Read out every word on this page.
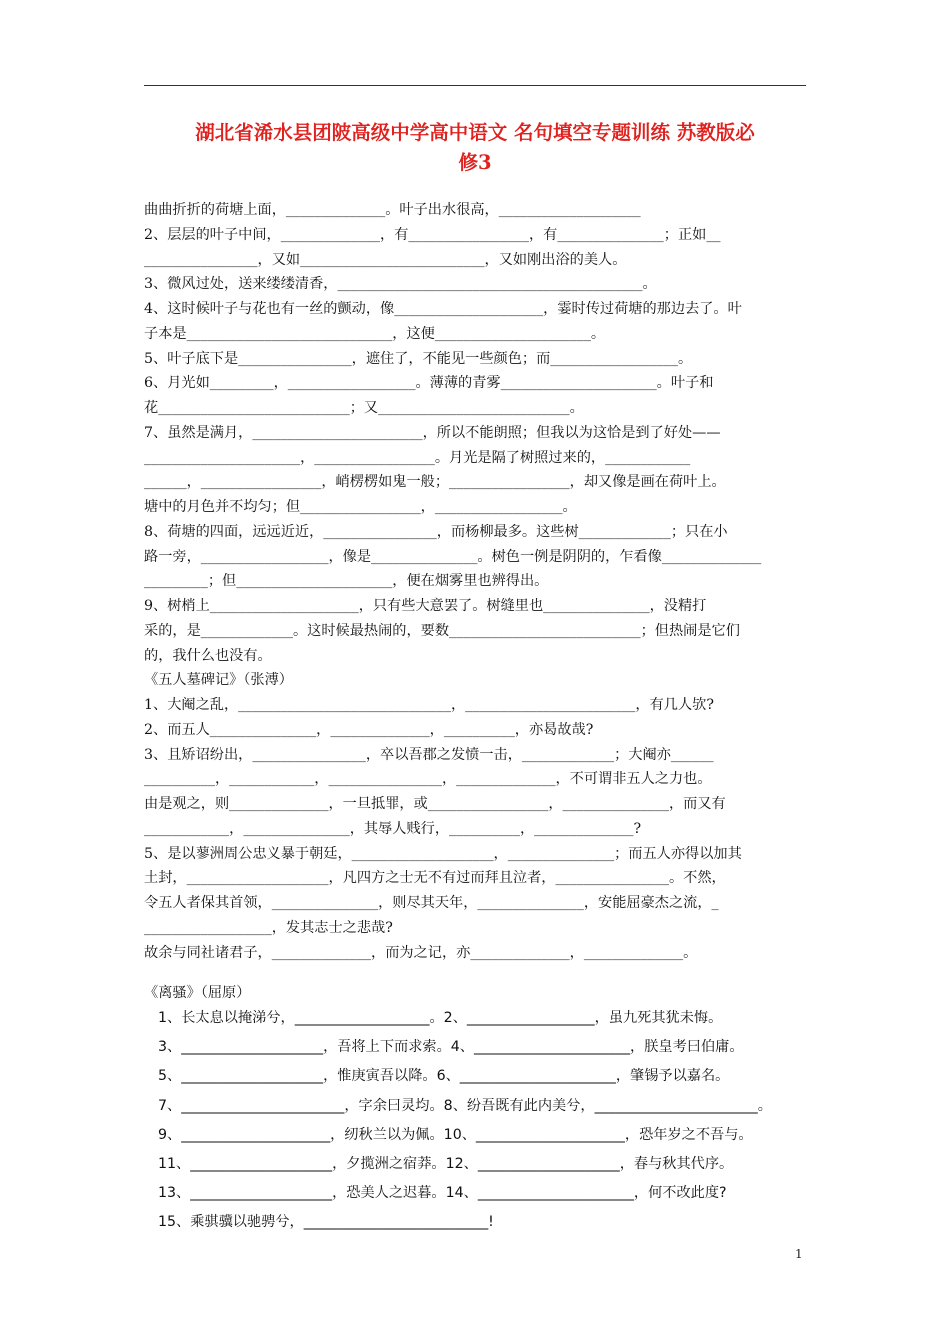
湖北省浠水县团陂高级中学高中语文 名句填空专题训练 苏教版必
修3
曲曲折折的荷塘上面，______________。叶子出水很高，____________________
2、层层的叶子中间，______________，有_________________，有_______________；正如__
________________，又如__________________________，又如刚出浴的美人。
3、微风过处，送来缕缕清香，___________________________________________。
4、这时候叶子与花也有一丝的颤动，像_____________________，霎时传过荷塘的那边去了。叶
子本是_____________________________，这便______________________。
5、叶子底下是________________，遮住了，不能见一些颜色；而__________________。
6、月光如_________，__________________。薄薄的青雾______________________。叶子和
花___________________________；又___________________________。
7、虽然是满月，________________________，所以不能朗照；但我以为这恰是到了好处——
______________________，_________________。月光是隔了树照过来的，____________
______，_________________，峭楞楞如鬼一般；_________________，却又像是画在荷叶上。
塘中的月色并不均匀；但_________________，__________________。
8、荷塘的四面，远远近近，________________，而杨柳最多。这些树_____________；只在小
路一旁，__________________，像是_______________。树色一例是阴阴的，乍看像______________
_________；但______________________，便在烟雾里也辨得出。
9、树梢上_____________________，只有些大意罢了。树缝里也_______________，没精打
采的，是_____________。这时候最热闹的，要数___________________________；但热闹是它们
的，我什么也没有。
《五人墓碑记》（张溥）
1、大阉之乱，______________________________，________________________，有几人欤?
2、而五人_______________，______________，__________，亦曷故哉?
3、且矫诏纷出，________________，卒以吾郡之发愤一击，_____________；大阉亦______
__________，____________，________________，______________，不可谓非五人之力也。
由是观之，则______________，一旦抵罪，或_________________，_______________，而又有
____________，_______________，其辱人贱行，__________，______________?
5、是以蓼洲周公忠义暴于朝廷，____________________，_______________；而五人亦得以加其
土封，____________________，凡四方之士无不有过而拜且泣者，________________。不然，
令五人者保其首领，_______________，则尽其天年，_______________，安能屈豪杰之流，_
__________________，发其志士之悲哉?
故余与同社诸君子，______________，而为之记，亦______________，______________。
《离骚》（屈原）
1、长太息以掩涕兮，___________________。2、__________________，虽九死其犹未悔。
3、____________________，吾将上下而求索。4、______________________，朕皇考曰伯庸。
5、____________________，惟庚寅吾以降。6、______________________，肇锡予以嘉名。
7、_______________________，字余曰灵均。8、纷吾既有此内美兮，_______________________。
9、_____________________，纫秋兰以为佩。10、_____________________，恐年岁之不吾与。
11、____________________，夕揽洲之宿莽。12、____________________，春与秋其代序。
13、____________________，恐美人之迟暮。14、______________________，何不改此度?
15、乘骐骥以驰骋兮，__________________________!
1
